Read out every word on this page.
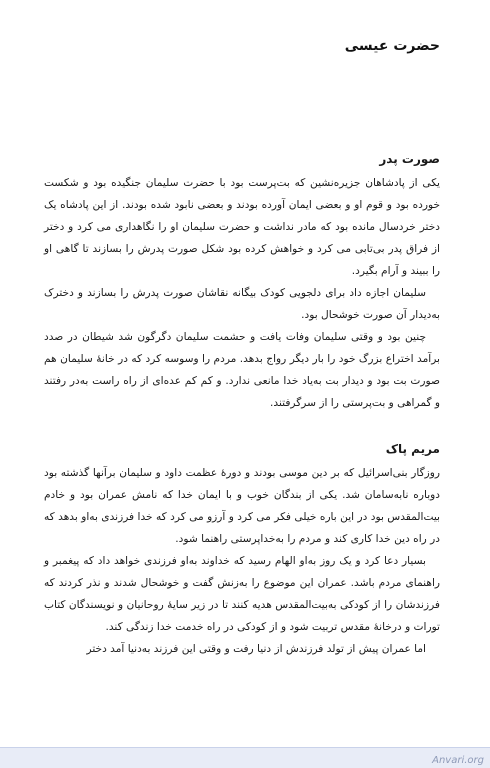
حضرت عیسی
صورت پدر

یکی از پادشاهان جزیره‌نشین که بت‌پرست بود با حضرت سلیمان جنگیده بود و شکست خورده بود و قوم او و بعضی ایمان آورده بودند و بعضی نابود شده بودند. از این پادشاه یک دختر خردسال مانده بود که مادر نداشت و حضرت سلیمان او را نگاهداری می کرد و دختر از فراق پدر بی‌تابی می کرد و خواهش کرده بود شکل صورت پدرش را بسازند تا گاهی او را ببیند و آرام بگیرد.

سلیمان اجازه داد برای دلجویی کودک بیگانه نقاشان صورت پدرش را بسازند و دخترک به‌دیدار آن صورت خوشحال بود.

چنین بود و وقتی سلیمان وفات یافت و حشمت سلیمان دگرگون شد شیطان در صدد برآمد اختراع بزرگ خود را بار دیگر رواج بدهد. مردم را وسوسه کرد که در خانهٔ سلیمان هم صورت بت بود و دیدار بت به‌یاد خدا مانعی ندارد. و کم کم عده‌ای از راه راست به‌در رفتند و گمراهی و بت‌پرستی را از سرگرفتند.

مریم پاک

روزگار بنی‌اسرائیل که بر دین موسی بودند و دورهٔ عظمت داود و سلیمان برآنها گذشته بود دوباره نابه‌سامان شد. یکی از بندگان خوب و با ایمان خدا که نامش عمران بود و خادم بیت‌المقدس بود در این باره خیلی فکر می کرد و آرزو می کرد که خدا فرزندی به‌او بدهد که در راه دین خدا کاری کند و مردم را به‌خداپرستی راهنما شود.

بسیار دعا کرد و یک روز به‌او الهام رسید که خداوند به‌او فرزندی خواهد داد که پیغمبر و راهنمای مردم باشد. عمران این موضوع را به‌زنش گفت و خوشحال شدند و نذر کردند که فرزندشان را از کودکی به‌بیت‌المقدس هدیه کنند تا در زیر سایهٔ روحانیان و نویسندگان کتاب تورات و درخانهٔ مقدس تربیت شود و از کودکی در راه خدمت خدا زندگی کند.

اما عمران پیش از تولد فرزندش از دنیا رفت و وقتی این فرزند به‌دنیا آمد دختر

Anvari.org
